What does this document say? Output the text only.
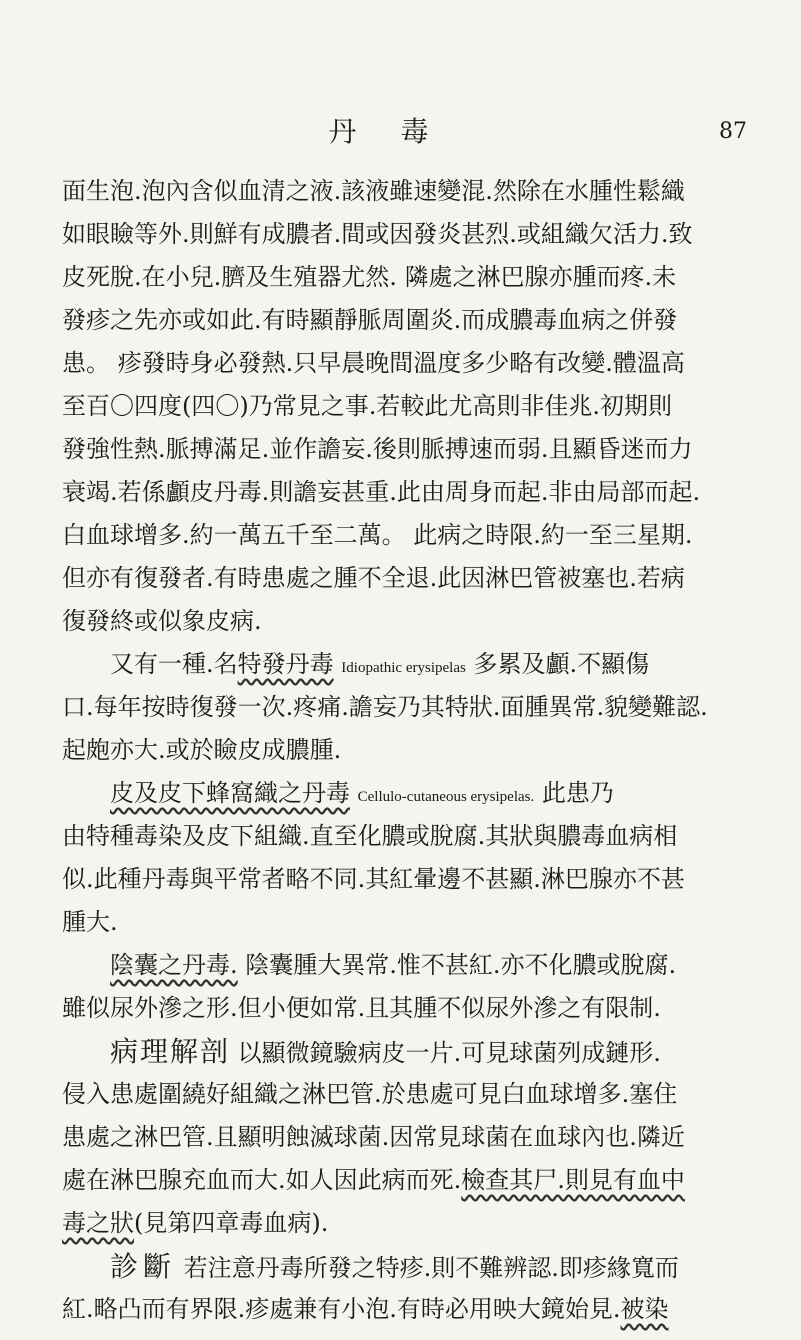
丹毒	87
面生泡.泡內含似血清之液.該液雖速變混.然除在水腫性鬆織
如眼瞼等外.則鮮有成膿者.間或因發炎甚烈.或組織欠活力.致
皮死脫.在小兒.臍及生殖器尤然. 隣處之淋巴腺亦腫而疼.未
發疹之先亦或如此.有時顯靜脈周圍炎.而成膿毒血病之併發
患。 疹發時身必發熱.只早晨晚間溫度多少略有改變.體溫高
至百〇四度(四〇)乃常見之事.若較此尤高則非佳兆.初期則
發強性熱.脈搏滿足.並作譫妄.後則脈搏速而弱.且顯昏迷而力
衰竭.若係顱皮丹毒.則譫妄甚重.此由周身而起.非由局部而起.
白血球增多.約一萬五千至二萬。 此病之時限.約一至三星期.
但亦有復發者.有時患處之腫不全退.此因淋巴管被塞也.若病
復發終或似象皮病.
又有一種.名特發丹毒 Idiopathic erysipelas 多累及顱.不顯傷
口.每年按時復發一次.疼痛.譫妄乃其特狀.面腫異常.貌變難認.
起皰亦大.或於瞼皮成膿腫.
皮及皮下蜂窩織之丹毒 Cellulo-cutaneous erysipelas. 此患乃
由特種毒染及皮下組織.直至化膿或脫腐.其狀與膿毒血病相
似.此種丹毒與平常者略不同.其紅暈邊不甚顯.淋巴腺亦不甚
腫大.
陰囊之丹毒. 陰囊腫大異常.惟不甚紅.亦不化膿或脫腐.
雖似尿外滲之形.但小便如常.且其腫不似尿外滲之有限制.
病理解剖 以顯微鏡驗病皮一片.可見球菌列成鏈形.
侵入患處圍繞好組織之淋巴管.於患處可見白血球增多.塞住
患處之淋巴管.且顯明蝕滅球菌.因常見球菌在血球內也.隣近
處在淋巴腺充血而大.如人因此病而死.檢查其尸.則見有血中
毒之狀(見第四章毒血病).
診斷 若注意丹毒所發之特疹.則不難辨認.即疹緣寬而
紅.略凸而有界限.疹處兼有小泡.有時必用映大鏡始見.被染
